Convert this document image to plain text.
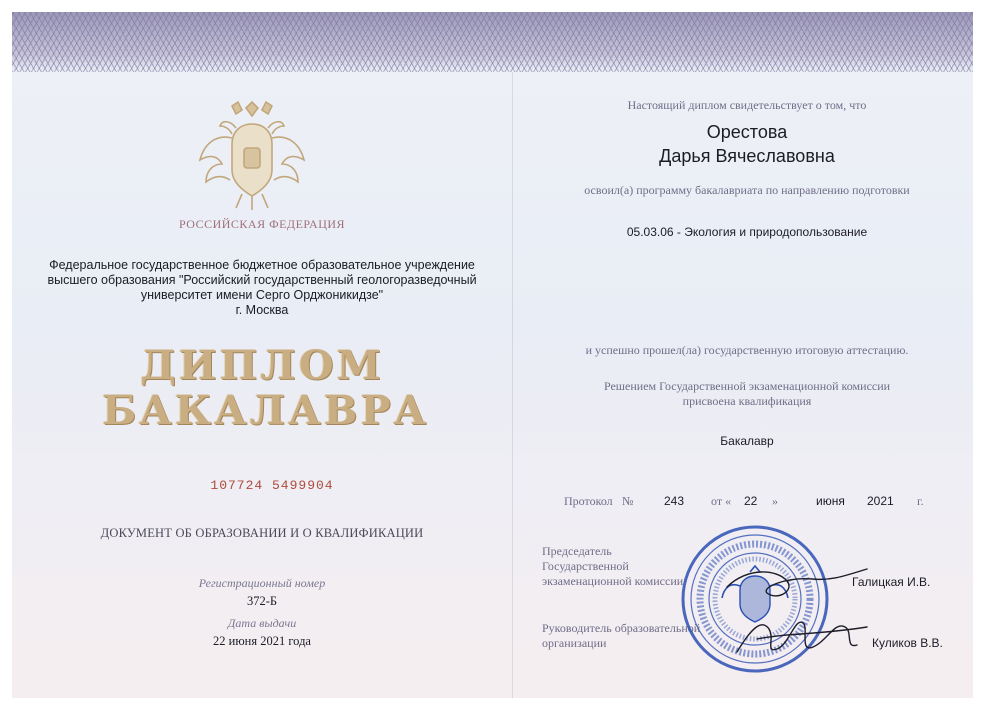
РОССИЙСКАЯ ФЕДЕРАЦИЯ
Федеральное государственное бюджетное образовательное учреждение
высшего образования "Российский государственный геологоразведочный
университет имени Серго Орджоникидзе"
г. Москва
ДИПЛОМ
БАКАЛАВРА
107724 5499904
ДОКУМЕНТ ОБ ОБРАЗОВАНИИ И О КВАЛИФИКАЦИИ
Регистрационный номер
372-Б
Дата выдачи
22 июня 2021 года
Настоящий диплом свидетельствует о том, что
Орестова
Дарья Вячеславовна
освоил(а) программу бакалавриата по направлению подготовки
05.03.06 - Экология и природопользование
и успешно прошел(ла) государственную итоговую аттестацию.
Решением Государственной экзаменационной комиссии
присвоена квалификация
Бакалавр
Протокол №	243 от « 22 »	июня 2021 г.
Председатель
Государственной
экзаменационной комиссии	Галицкая И.В.
Руководитель образовательной
организации	Куликов В.В.
